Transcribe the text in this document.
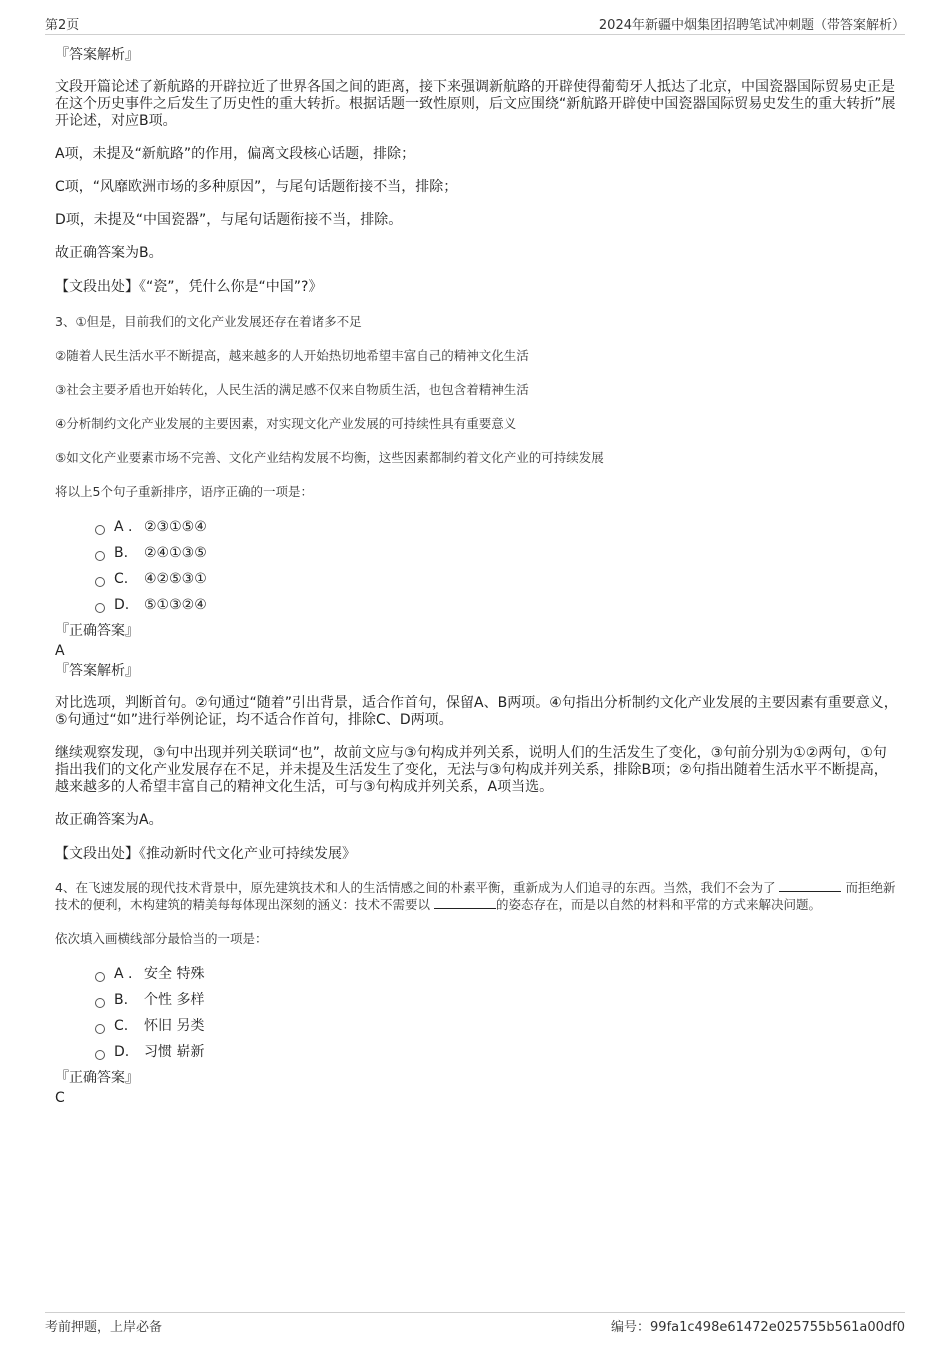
第2页	2024年新疆中烟集团招聘笔试冲刺题（带答案解析）

『答案解析』

文段开篇论述了新航路的开辟拉近了世界各国之间的距离，接下来强调新航路的开辟使得葡萄牙人抵达了北京，中国瓷器国际贸易史正是在这个历史事件之后发生了历史性的重大转折。根据话题一致性原则，后文应围绕“新航路开辟使中国瓷器国际贸易史发生的重大转折”展开论述，对应B项。

A项，未提及“新航路”的作用，偏离文段核心话题，排除；

C项，“风靡欧洲市场的多种原因”，与尾句话题衔接不当，排除；

D项，未提及“中国瓷器”，与尾句话题衔接不当，排除。

故正确答案为B。

【文段出处】《“瓷”，凭什么你是“中国”?》

3、①但是，目前我们的文化产业发展还存在着诸多不足

②随着人民生活水平不断提高，越来越多的人开始热切地希望丰富自己的精神文化生活

③社会主要矛盾也开始转化，人民生活的满足感不仅来自物质生活，也包含着精神生活

④分析制约文化产业发展的主要因素，对实现文化产业发展的可持续性具有重要意义

⑤如文化产业要素市场不完善、文化产业结构发展不均衡，这些因素都制约着文化产业的可持续发展

将以上5个句子重新排序，语序正确的一项是：

A . ②③①⑤④
B.	②④①③⑤
C.	④②⑤③①
D.	⑤①③②④

『正确答案』

A

『答案解析』

对比选项，判断首句。②句通过“随着”引出背景，适合作首句，保留A、B两项。④句指出分析制约文化产业发展的主要因素有重要意义，⑤句通过“如”进行举例论证，均不适合作首句，排除C、D两项。

继续观察发现，③句中出现并列关联词“也”，故前文应与③句构成并列关系，说明人们的生活发生了变化，③句前分别为①②两句，①句指出我们的文化产业发展存在不足，并未提及生活发生了变化，无法与③句构成并列关系，排除B项；②句指出随着生活水平不断提高，越来越多的人希望丰富自己的精神文化生活，可与③句构成并列关系，A项当选。

故正确答案为A。

【文段出处】《推动新时代文化产业可持续发展》

4、在飞速发展的现代技术背景中，原先建筑技术和人的生活情感之间的朴素平衡，重新成为人们追寻的东西。当然，我们不会为了	而拒绝新技术的便利，木构建筑的精美每每体现出深刻的涵义：技术不需要以	的姿态存在，而是以自然的材料和平常的方式来解决问题。

依次填入画横线部分最恰当的一项是：

A . 安全 特殊
B.	个性 多样
C.	怀旧 另类
D.	习惯 崭新

『正确答案』

C

考前押题，上岸必备	编号：99fa1c498e61472e025755b561a00df0
